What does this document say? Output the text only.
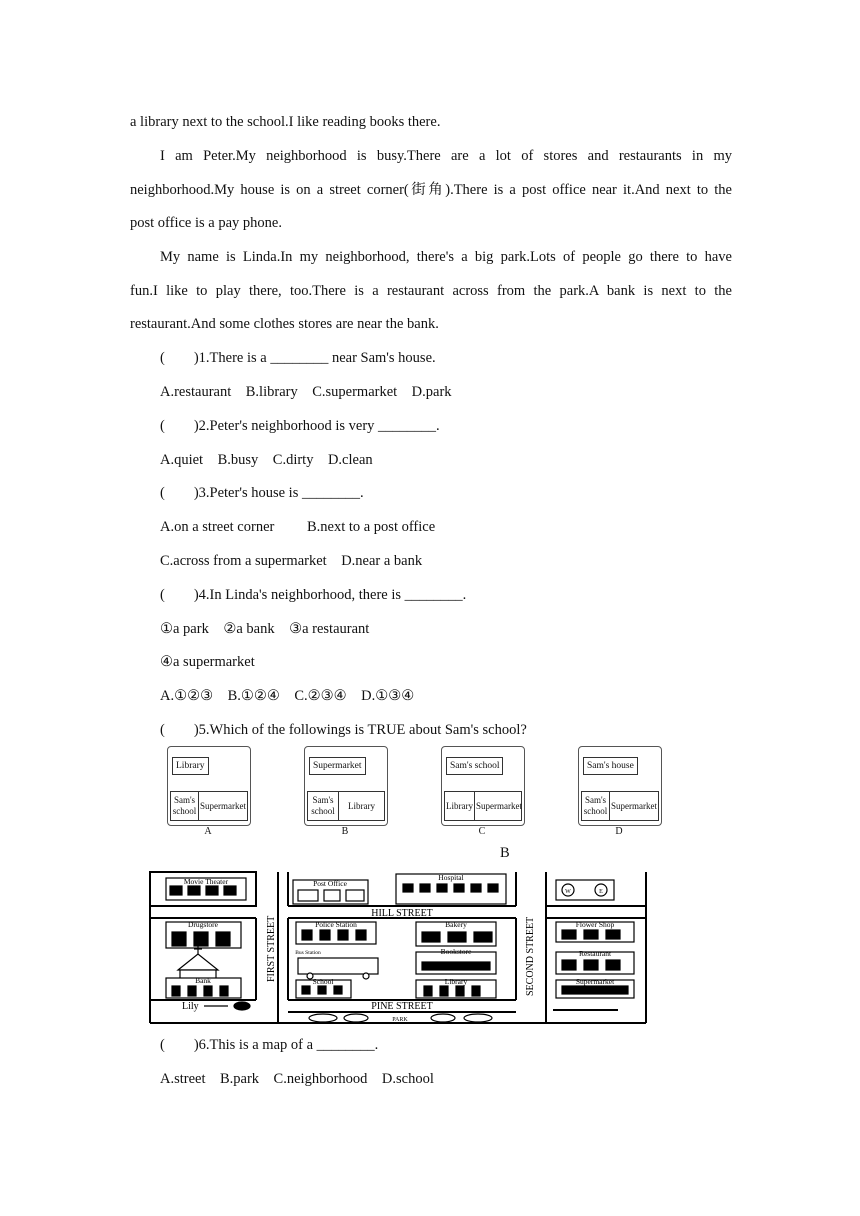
a library next to the school.I like reading books there.
I am Peter.My neighborhood is busy.There are a lot of stores and restaurants in my
neighborhood.My house is on a street corner(街角).There is a post office near it.And next to the
post office is a pay phone.
My name is Linda.In my neighborhood, there's a big park.Lots of people go there to have
fun.I like to play there, too.There is a restaurant across from the park.A bank is next to the
restaurant.And some clothes stores are near the bank.
(        )1.There is a ________ near Sam's house.
A.restaurant    B.library    C.supermarket    D.park
(        )2.Peter's neighborhood is very ________.
A.quiet    B.busy    C.dirty    D.clean
(        )3.Peter's house is ________.
A.on a street corner         B.next to a post office
C.across from a supermarket    D.near a bank
(        )4.In Linda's neighborhood, there is ________.
①a park    ②a bank    ③a restaurant
④a supermarket
A.①②③    B.①②④    C.②③④    D.①③④
(        )5.Which of the followings is TRUE about Sam's school?
Library
Sam's school
Supermarket
A
Supermarket
Sam's school
Library
B
Sam's school
Library Supermarket
C
Sam's house
Sam's school
Supermarket
D
B
Movie Theater	Post Office
Hospital
Drugstore	Police Station	Bakery	Flower Shop
Bus Station	Bookstore	Restaurant
Bank	School	Library	Supermarket
PARK
W	E
HILL STREET
PINE STREET
FIRST STREET	SECOND STREET
Lily
(        )6.This is a map of a ________.
A.street    B.park    C.neighborhood    D.school
